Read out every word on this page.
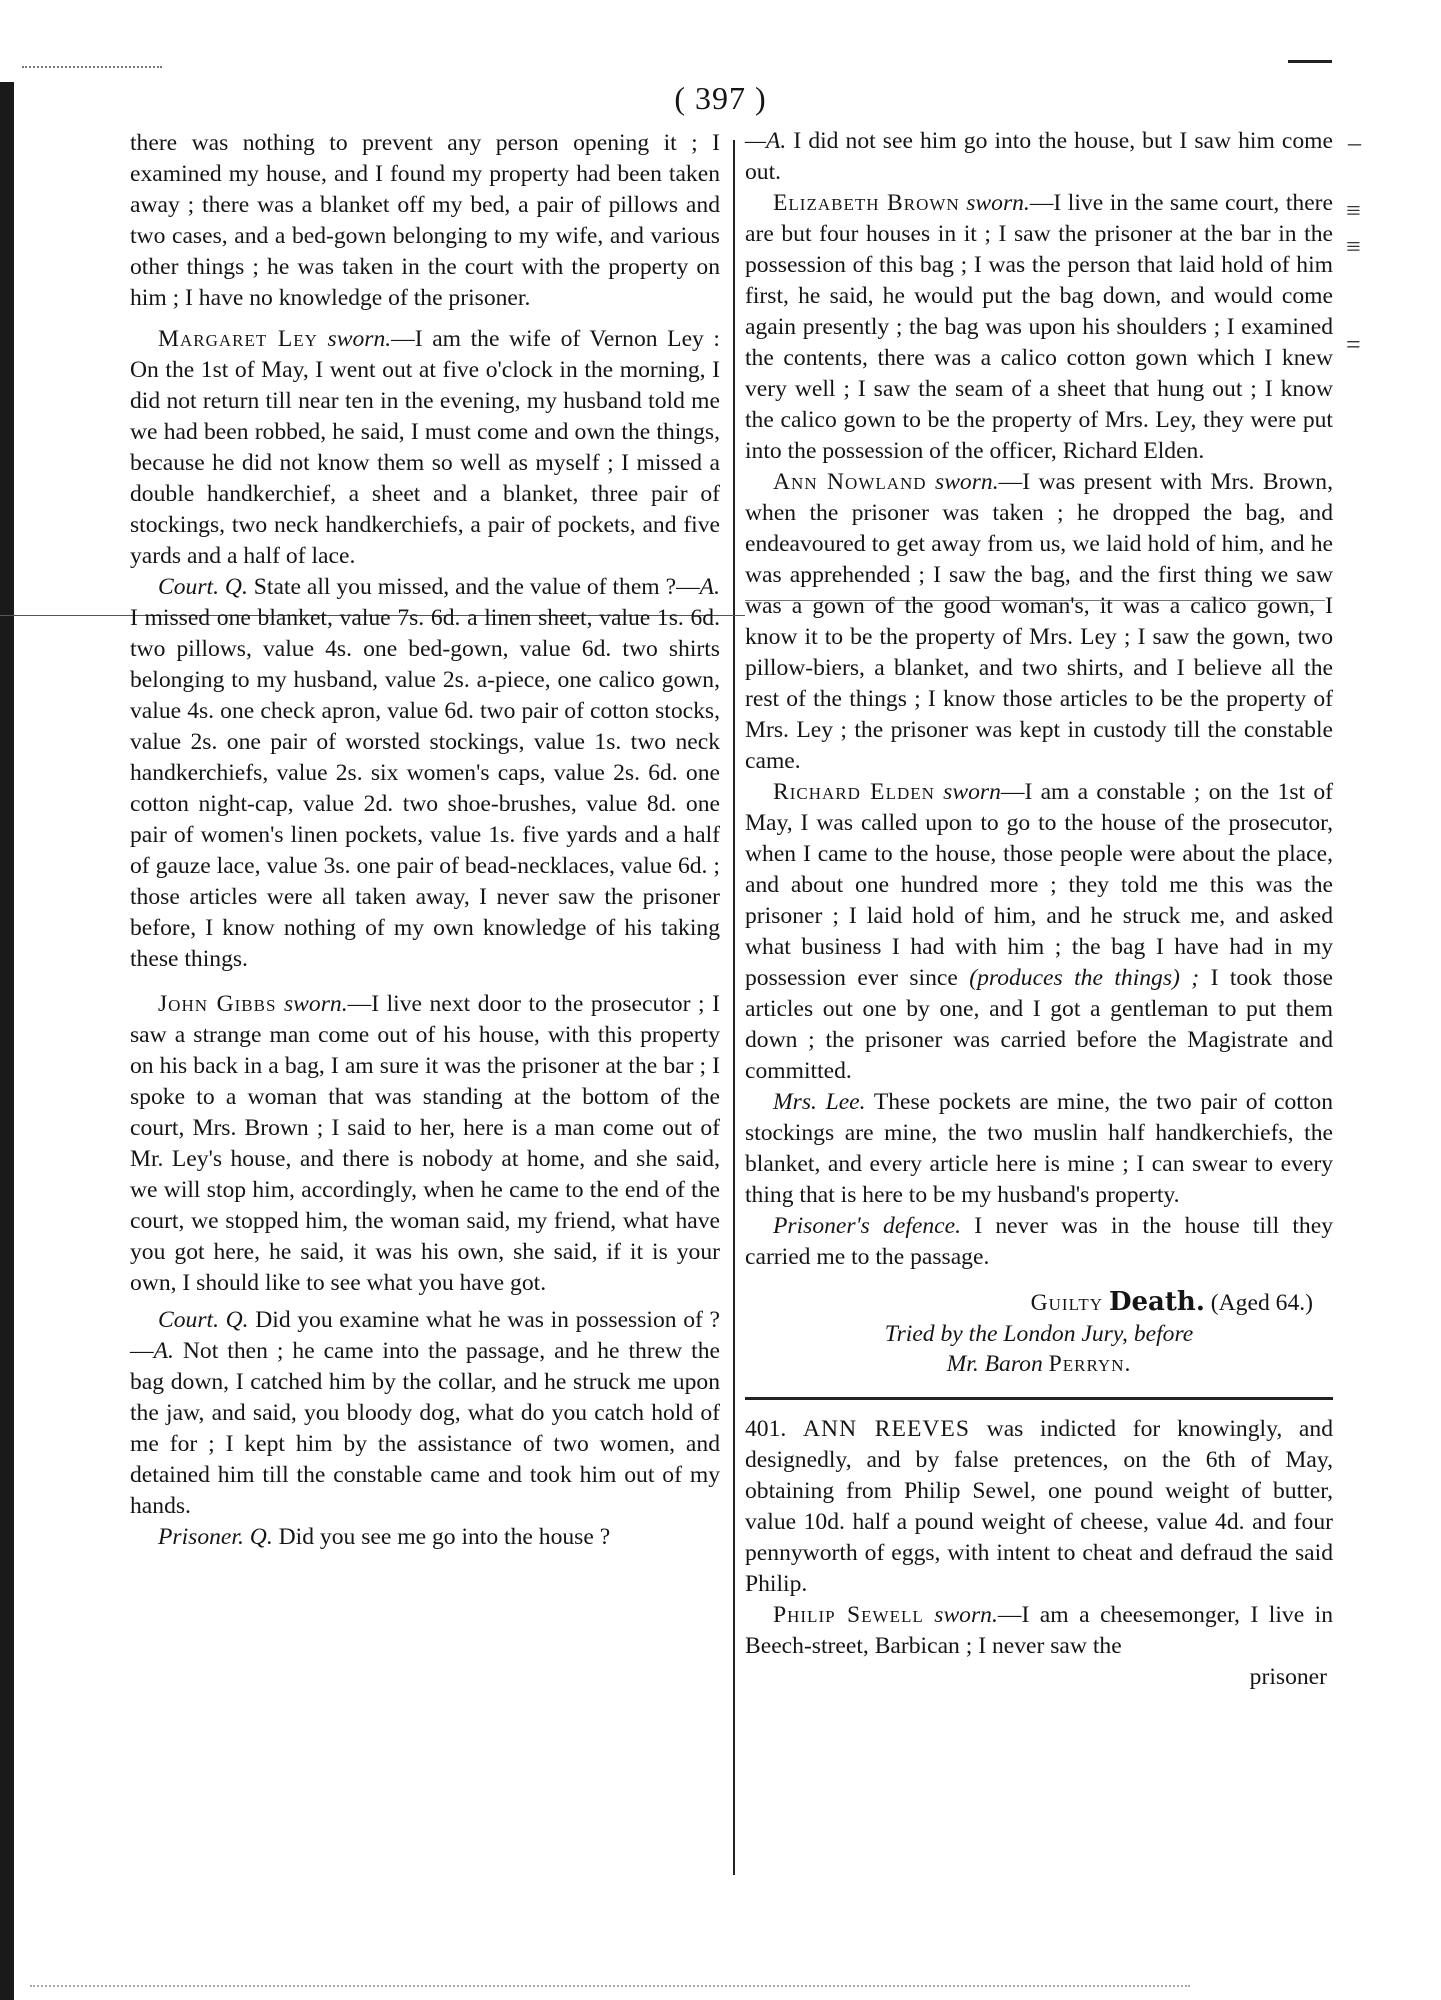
( 397 )
–
≡
≡
=

there was nothing to prevent any person opening it ; I examined my house, and I found my property had been taken away ; there was a blanket off my bed, a pair of pillows and two cases, and a bed-gown belonging to my wife, and various other things ; he was taken in the court with the property on him ; I have no knowledge of the prisoner.

Margaret Ley sworn.—I am the wife of Vernon Ley : On the 1st of May, I went out at five o'clock in the morning, I did not return till near ten in the evening, my husband told me we had been robbed, he said, I must come and own the things, because he did not know them so well as myself ; I missed a double handkerchief, a sheet and a blanket, three pair of stockings, two neck handkerchiefs, a pair of pockets, and five yards and a half of lace.

Court. Q. State all you missed, and the value of them ?—A. I missed one blanket, value 7s. 6d. a linen sheet, value 1s. 6d. two pillows, value 4s. one bed-gown, value 6d. two shirts belonging to my husband, value 2s. a-piece, one calico gown, value 4s. one check apron, value 6d. two pair of cotton stocks, value 2s. one pair of worsted stockings, value 1s. two neck handkerchiefs, value 2s. six women's caps, value 2s. 6d. one cotton night-cap, value 2d. two shoe-brushes, value 8d. one pair of women's linen pockets, value 1s. five yards and a half of gauze lace, value 3s. one pair of bead-necklaces, value 6d. ; those articles were all taken away, I never saw the prisoner before, I know nothing of my own knowledge of his taking these things.

John Gibbs sworn.—I live next door to the prosecutor ; I saw a strange man come out of his house, with this property on his back in a bag, I am sure it was the prisoner at the bar ; I spoke to a woman that was standing at the bottom of the court, Mrs. Brown ; I said to her, here is a man come out of Mr. Ley's house, and there is nobody at home, and she said, we will stop him, accordingly, when he came to the end of the court, we stopped him, the woman said, my friend, what have you got here, he said, it was his own, she said, if it is your own, I should like to see what you have got.

Court. Q. Did you examine what he was in possession of ?—A. Not then ; he came into the passage, and he threw the bag down, I catched him by the collar, and he struck me upon the jaw, and said, you bloody dog, what do you catch hold of me for ; I kept him by the assistance of two women, and detained him till the constable came and took him out of my hands.

Prisoner. Q. Did you see me go into the house ?

—A. I did not see him go into the house, but I saw him come out.

Elizabeth Brown sworn.—I live in the same court, there are but four houses in it ; I saw the prisoner at the bar in the possession of this bag ; I was the person that laid hold of him first, he said, he would put the bag down, and would come again presently ; the bag was upon his shoulders ; I examined the contents, there was a calico cotton gown which I knew very well ; I saw the seam of a sheet that hung out ; I know the calico gown to be the property of Mrs. Ley, they were put into the possession of the officer, Richard Elden.

Ann Nowland sworn.—I was present with Mrs. Brown, when the prisoner was taken ; he dropped the bag, and endeavoured to get away from us, we laid hold of him, and he was apprehended ; I saw the bag, and the first thing we saw was a gown of the good woman's, it was a calico gown, I know it to be the property of Mrs. Ley ; I saw the gown, two pillow-biers, a blanket, and two shirts, and I believe all the rest of the things ; I know those articles to be the property of Mrs. Ley ; the prisoner was kept in custody till the constable came.

Richard Elden sworn—I am a constable ; on the 1st of May, I was called upon to go to the house of the prosecutor, when I came to the house, those people were about the place, and about one hundred more ; they told me this was the prisoner ; I laid hold of him, and he struck me, and asked what business I had with him ; the bag I have had in my possession ever since (produces the things) ; I took those articles out one by one, and I got a gentleman to put them down ; the prisoner was carried before the Magistrate and committed.

Mrs. Lee. These pockets are mine, the two pair of cotton stockings are mine, the two muslin half handkerchiefs, the blanket, and every article here is mine ; I can swear to every thing that is here to be my husband's property.

Prisoner's defence. I never was in the house till they carried me to the passage.

Guilty Death. (Aged 64.)

Tried by the London Jury, before
Mr. Baron Perryn.

401. ANN REEVES was indicted for knowingly, and designedly, and by false pretences, on the 6th of May, obtaining from Philip Sewel, one pound weight of butter, value 10d. half a pound weight of cheese, value 4d. and four pennyworth of eggs, with intent to cheat and defraud the said Philip.

Philip Sewell sworn.—I am a cheesemonger, I live in Beech-street, Barbican ; I never saw the

prisoner
